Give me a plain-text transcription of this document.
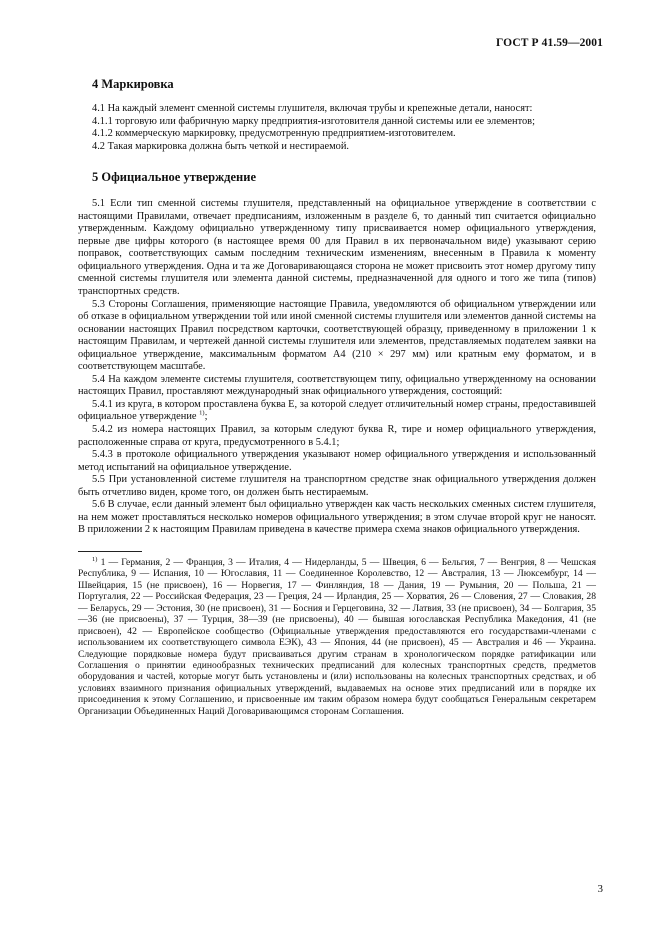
ГОСТ Р 41.59—2001
4 Маркировка

4.1 На каждый элемент сменной системы глушителя, включая трубы и крепежные детали, наносят:

4.1.1 торговую или фабричную марку предприятия-изготовителя данной системы или ее элементов;

4.1.2 коммерческую маркировку, предусмотренную предприятием-изготовителем.

4.2 Такая маркировка должна быть четкой и нестираемой.

5 Официальное утверждение

5.1 Если тип сменной системы глушителя, представленный на официальное утверждение в соответствии с настоящими Правилами, отвечает предписаниям, изложенным в разделе 6, то данный тип считается официально утвержденным. Каждому официально утвержденному типу присваивается номер официального утверждения, первые две цифры которого (в настоящее время 00 для Правил в их первоначальном виде) указывают серию поправок, соответствующих самым последним техническим изменениям, внесенным в Правила к моменту официального утверждения. Одна и та же Договаривающаяся сторона не может присвоить этот номер другому типу сменной системы глушителя или элемента данной системы, предназначенной для одного и того же типа (типов) транспортных средств.

5.3 Стороны Соглашения, применяющие настоящие Правила, уведомляются об официальном утверждении или об отказе в официальном утверждении той или иной сменной системы глушителя или элементов данной системы на основании настоящих Правил посредством карточки, соответствующей образцу, приведенному в приложении 1 к настоящим Правилам, и чертежей данной системы глушителя или элементов, представляемых подателем заявки на официальное утверждение, максимальным форматом А4 (210 × 297 мм) или кратным ему форматом, и в соответствующем масштабе.

5.4 На каждом элементе системы глушителя, соответствующем типу, официально утвержденному на основании настоящих Правил, проставляют международный знак официального утверждения, состоящий:

5.4.1 из круга, в котором проставлена буква Е, за которой следует отличительный номер страны, предоставившей официальное утверждение $^{1)}$;

5.4.2 из номера настоящих Правил, за которым следуют буква R, тире и номер официального утверждения, расположенные справа от круга, предусмотренного в 5.4.1;

5.4.3 в протоколе официального утверждения указывают номер официального утверждения и использованный метод испытаний на официальное утверждение.

5.5 При установленной системе глушителя на транспортном средстве знак официального утверждения должен быть отчетливо виден, кроме того, он должен быть нестираемым.

5.6 В случае, если данный элемент был официально утвержден как часть нескольких сменных систем глушителя, на нем может проставляться несколько номеров официального утверждения; в этом случае второй круг не наносят. В приложении 2 к настоящим Правилам приведена в качестве примера схема знаков официального утверждения.

$^{1)}$ 1 — Германия, 2 — Франция, 3 — Италия, 4 — Нидерланды, 5 — Швеция, 6 — Бельгия, 7 — Венгрия, 8 — Чешская Республика, 9 — Испания, 10 — Югославия, 11 — Соединенное Королевство, 12 — Австралия, 13 — Люксембург, 14 — Швейцария, 15 (не присвоен), 16 — Норвегия, 17 — Финляндия, 18 — Дания, 19 — Румыния, 20 — Польша, 21 — Португалия, 22 — Российская Федерация, 23 — Греция, 24 — Ирландия, 25 — Хорватия, 26 — Словения, 27 — Словакия, 28 — Беларусь, 29 — Эстония, 30 (не присвоен), 31 — Босния и Герцеговина, 32 — Латвия, 33 (не присвоен), 34 — Болгария, 35—36 (не присвоены), 37 — Турция, 38—39 (не присвоены), 40 — бывшая югославская Республика Македония, 41 (не присвоен), 42 — Европейское сообщество (Официальные утверждения предоставляются его государствами-членами с использованием их соответствующего символа ЕЭК), 43 — Япония, 44 (не присвоен), 45 — Австралия и 46 — Украина. Следующие порядковые номера будут присваиваться другим странам в хронологическом порядке ратификации или Соглашения о принятии единообразных технических предписаний для колесных транспортных средств, предметов оборудования и частей, которые могут быть установлены и (или) использованы на колесных транспортных средствах, и об условиях взаимного признания официальных утверждений, выдаваемых на основе этих предписаний или в порядке их присоединения к этому Соглашению, и присвоенные им таким образом номера будут сообщаться Генеральным секретарем Организации Объединенных Наций Договаривающимся сторонам Соглашения.

3
